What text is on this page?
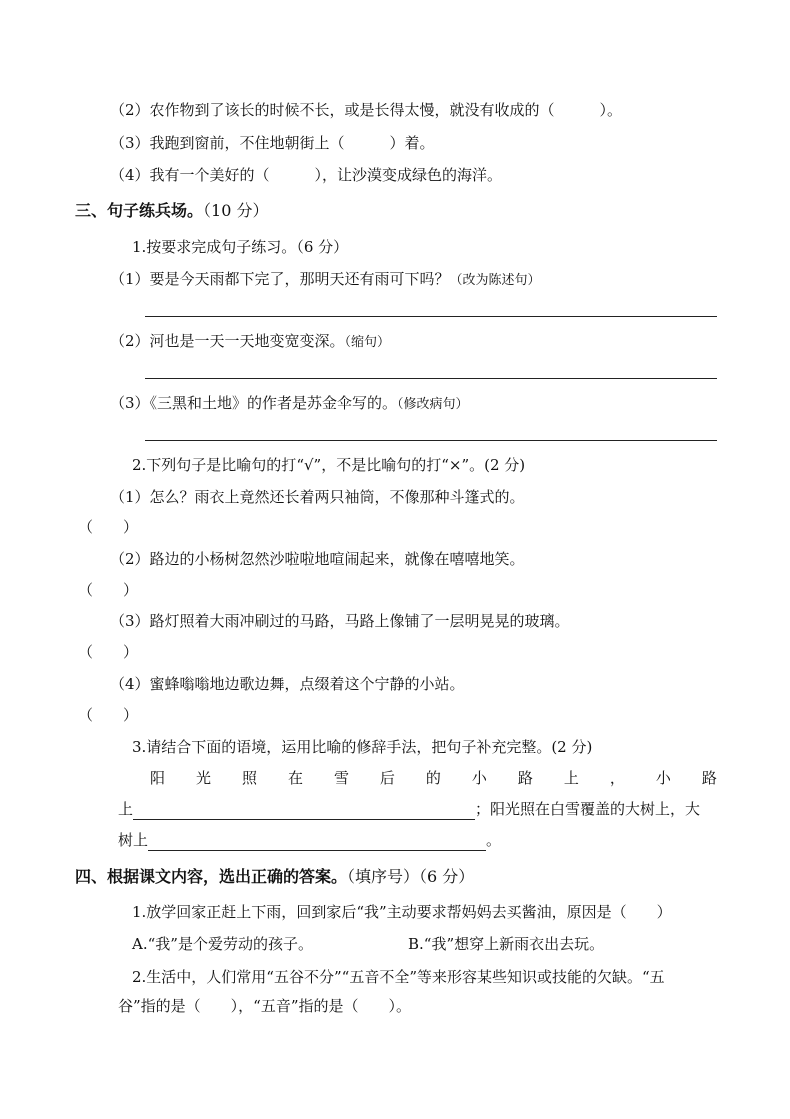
（2）农作物到了该长的时候不长，或是长得太慢，就没有收成的（　　　）。
（3）我跑到窗前，不住地朝街上（　　　）着。
（4）我有一个美好的（　　　），让沙漠变成绿色的海洋。
三、句子练兵场。（10 分）
1.按要求完成句子练习。（6 分）
（1）要是今天雨都下完了，那明天还有雨可下吗？（改为陈述句）
（2）河也是一天一天地变宽变深。（缩句）
（3）《三黑和土地》的作者是苏金伞写的。（修改病句）
2.下列句子是比喻句的打“√”，不是比喻句的打“×”。(2 分)
（1）怎么？雨衣上竟然还长着两只袖筒，不像那种斗篷式的。
（　　）
（2）路边的小杨树忽然沙啦啦地喧闹起来，就像在嘻嘻地笑。
（　　）
（3）路灯照着大雨冲刷过的马路，马路上像铺了一层明晃晃的玻璃。
（　　）
（4）蜜蜂嗡嗡地边歌边舞，点缀着这个宁静的小站。
（　　）
3.请结合下面的语境，运用比喻的修辞手法，把句子补充完整。(2 分)
阳 光 照 在 雪 后 的 小 路 上 ， 小 路
上	；阳光照在白雪覆盖的大树上，大
树上	。
四、根据课文内容，选出正确的答案。（填序号）（6 分）
1.放学回家正赶上下雨，回到家后“我”主动要求帮妈妈去买酱油，原因是（　　）
A.“我”是个爱劳动的孩子。	B.“我”想穿上新雨衣出去玩。
2.生活中，人们常用“五谷不分”“五音不全”等来形容某些知识或技能的欠缺。“五
谷”指的是（　　），“五音”指的是（　　）。
